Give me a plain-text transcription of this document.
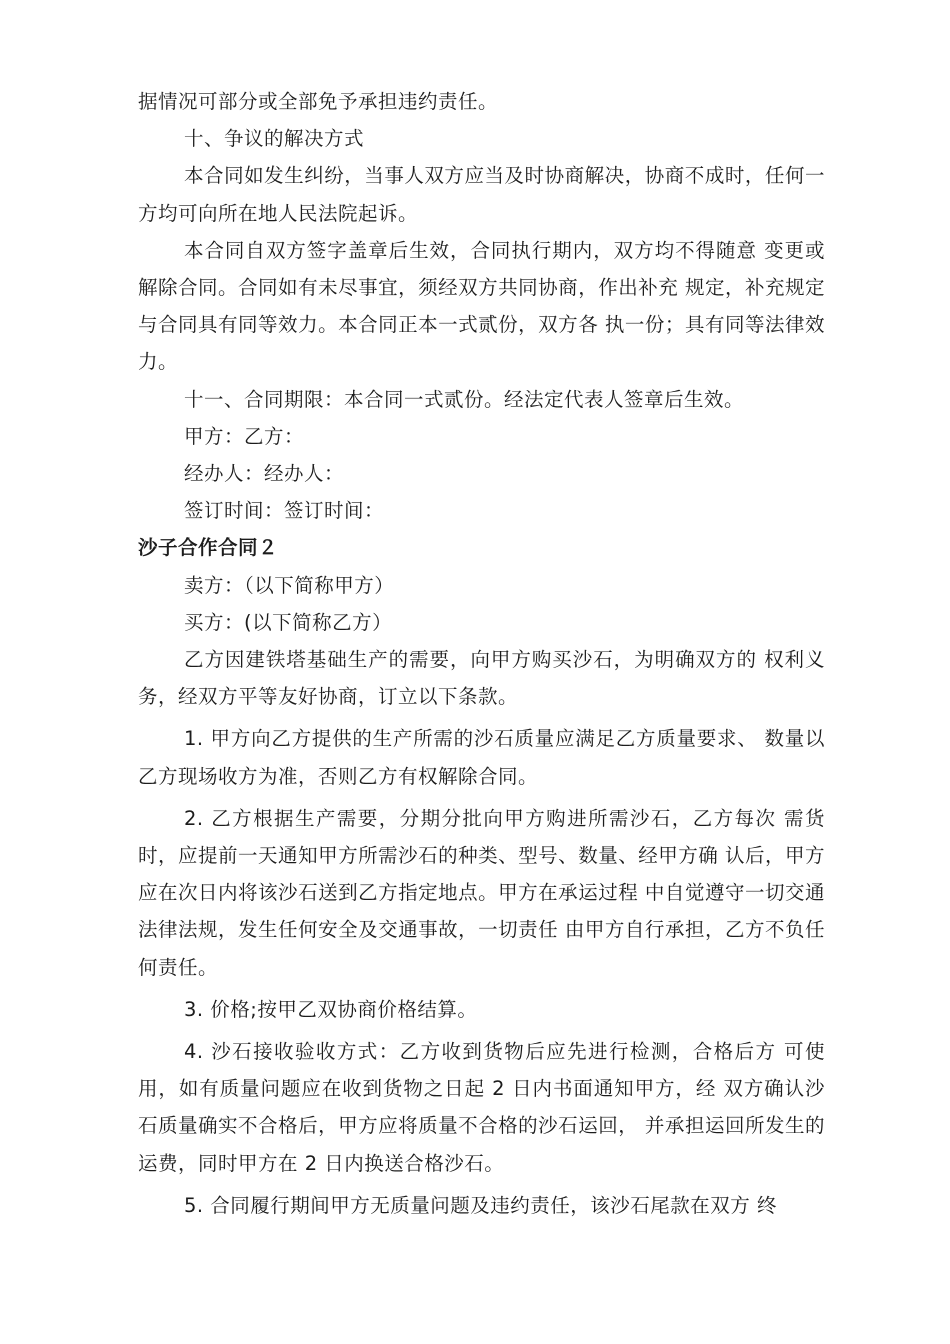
据情况可部分或全部免予承担违约责任。

十、争议的解决方式

本合同如发生纠纷，当事人双方应当及时协商解决，协商不成时，任何一方均可向所在地人民法院起诉。

本合同自双方签字盖章后生效，合同执行期内，双方均不得随意 变更或解除合同。合同如有未尽事宜，须经双方共同协商，作出补充 规定，补充规定与合同具有同等效力。本合同正本一式贰份，双方各 执一份；具有同等法律效力。

十一、合同期限：本合同一式贰份。经法定代表人签章后生效。

甲方：乙方：

经办人：经办人：

签订时间：签订时间：

沙子合作合同２

卖方：（以下简称甲方）

买方：(以下简称乙方）

乙方因建铁塔基础生产的需要，向甲方购买沙石，为明确双方的 权利义务，经双方平等友好协商，订立以下条款。

1. 甲方向乙方提供的生产所需的沙石质量应满足乙方质量要求、 数量以乙方现场收方为准，否则乙方有权解除合同。

2. 乙方根据生产需要，分期分批向甲方购进所需沙石，乙方每次 需货时，应提前一天通知甲方所需沙石的种类、型号、数量、经甲方确 认后，甲方应在次日内将该沙石送到乙方指定地点。甲方在承运过程 中自觉遵守一切交通法律法规，发生任何安全及交通事故，一切责任 由甲方自行承担，乙方不负任何责任。

3. 价格;按甲乙双协商价格结算。

4. 沙石接收验收方式：乙方收到货物后应先进行检测，合格后方 可使用，如有质量问题应在收到货物之日起 2 日内书面通知甲方，经 双方确认沙石质量确实不合格后，甲方应将质量不合格的沙石运回， 并承担运回所发生的运费，同时甲方在 2 日内换送合格沙石。

5. 合同履行期间甲方无质量问题及违约责任，该沙石尾款在双方 终
